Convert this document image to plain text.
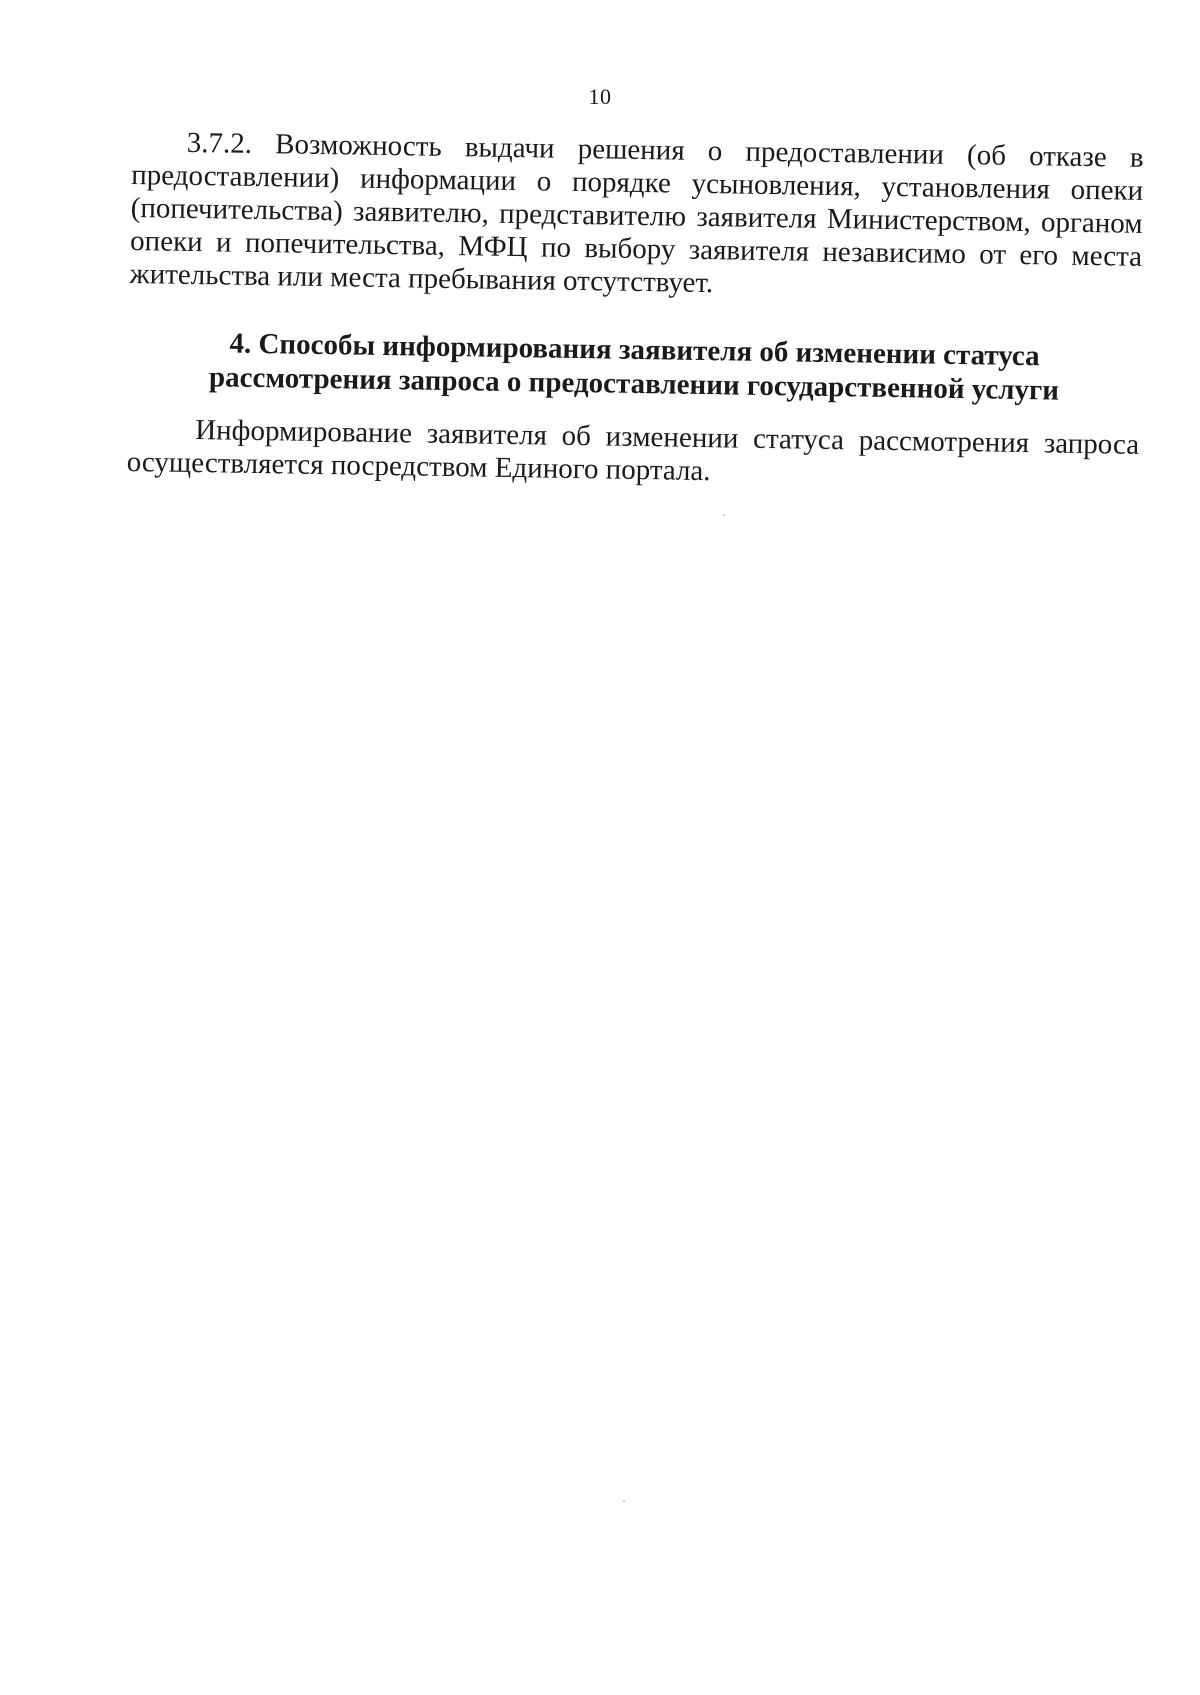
10

3.7.2. Возможность выдачи решения о предоставлении (об отказе в предоставлении) информации о порядке усыновления, установления опеки (попечительства) заявителю, представителю заявителя Министерством, органом опеки и попечительства, МФЦ по выбору заявителя независимо от его места жительства или места пребывания отсутствует.

4. Способы информирования заявителя об изменении статуса
рассмотрения запроса о предоставлении государственной услуги

Информирование заявителя об изменении статуса рассмотрения запроса осуществляется посредством Единого портала.
